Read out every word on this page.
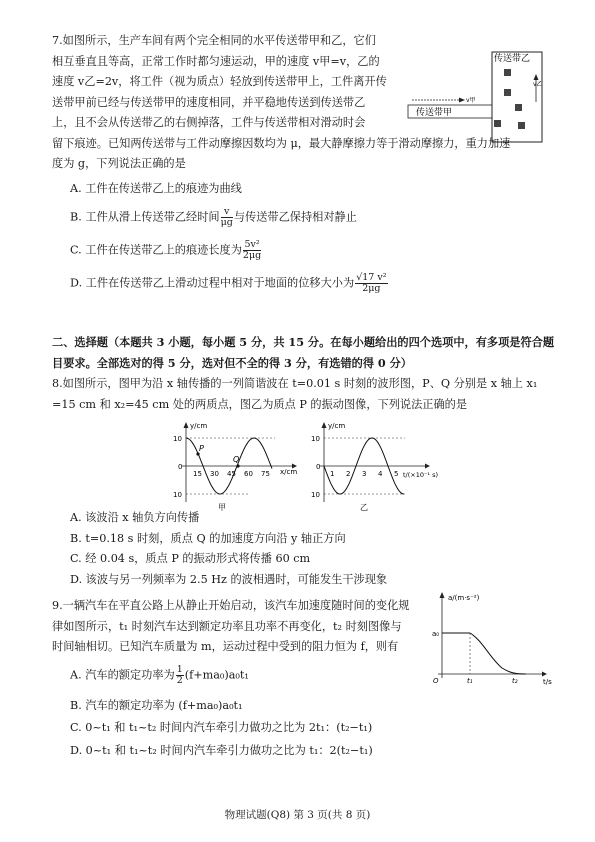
7.如图所示，生产车间有两个完全相同的水平传送带甲和乙，它们
相互垂直且等高，正常工作时都匀速运动，甲的速度 v甲=v，乙的
速度 v乙=2v，将工件（视为质点）轻放到传送带甲上，工件离开传
送带甲前已经与传送带甲的速度相同，并平稳地传送到传送带乙
上，且不会从传送带乙的右侧掉落，工件与传送带相对滑动时会
留下痕迹。已知两传送带与工件动摩擦因数均为 μ，最大静摩擦力等于滑动摩擦力，重力加速
度为 g，下列说法正确的是
A. 工件在传送带乙上的痕迹为曲线
B. 工件从滑上传送带乙经时间 $\frac{v}{\mu g}$ 与传送带乙保持相对静止
C. 工件在传送带乙上的痕迹长度为 $\frac{\text{5v²}}{2\mu g}$
D. 工件在传送带乙上滑动过程中相对于地面的位移大小为 $\frac{\text{√17 v²}}{2\mu g}$
传送带乙
v乙
v甲
传送带甲
二、选择题（本题共 3 小题，每小题 5 分，共 15 分。在每小题给出的四个选项中，有多项是符合题
目要求。全部选对的得 5 分，选对但不全的得 3 分，有选错的得 0 分）
8.如图所示，图甲为沿 x 轴传播的一列简谐波在 t=0.01 s 时刻的波形图，P、Q 分别是 x 轴上 x₁
=15 cm 和 x₂=45 cm 处的两质点，图乙为质点 P 的振动图像，下列说法正确的是
y/cm
x/cm
10
0
10
P
Q
15 30 45 60 75
甲
y/cm
t/(×10⁻¹ s)
10
0
10
1 2 3 4 5
乙
A. 该波沿 x 轴负方向传播
B. t=0.18 s 时刻，质点 Q 的加速度方向沿 y 轴正方向
C. 经 0.04 s，质点 P 的振动形式将传播 60 cm
D. 该波与另一列频率为 2.5 Hz 的波相遇时，可能发生干涉现象
9.一辆汽车在平直公路上从静止开始启动，该汽车加速度随时间的变化规
律如图所示，t₁ 时刻汽车达到额定功率且功率不再变化，t₂ 时刻图像与
时间轴相切。已知汽车质量为 m，运动过程中受到的阻力恒为 f，则有
A. 汽车的额定功率为 $\frac{1}{2} (f+ma_0)a_0t_1$
B. 汽车的额定功率为 (f+ma₀)a₀t₁
C. 0~t₁ 和 t₁~t₂ 时间内汽车牵引力做功之比为 2t₁：(t₂−t₁)
D. 0~t₁ 和 t₁~t₂ 时间内汽车牵引力做功之比为 t₁：2(t₂−t₁)
a/(m·s⁻²)
t/s
a₀
O	t₁	t₂
物理试题(Q8) 第 3 页(共 8 页)
